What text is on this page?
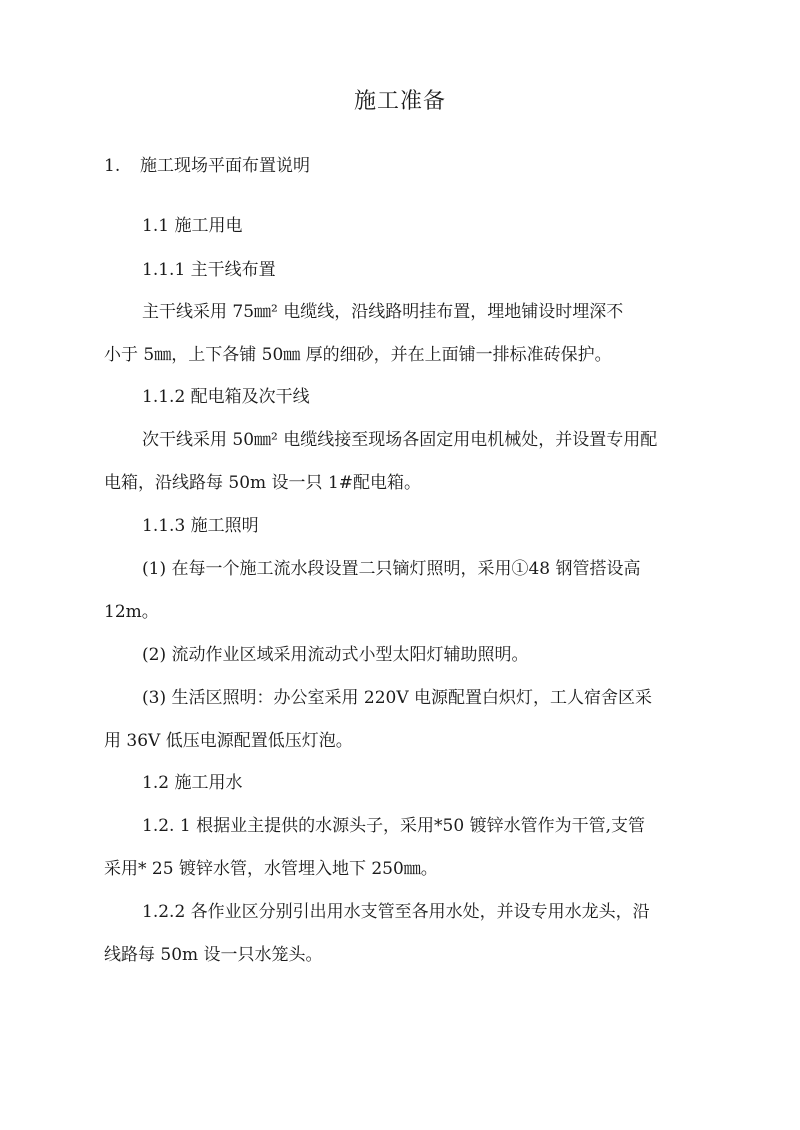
施工准备
1. 施工现场平面布置说明
1.1 施工用电
1.1.1 主干线布置
主干线采用 75㎜² 电缆线，沿线路明挂布置，埋地铺设时埋深不
小于 5㎜，上下各铺 50㎜ 厚的细砂，并在上面铺一排标准砖保护。
1.1.2 配电箱及次干线
次干线采用 50㎜² 电缆线接至现场各固定用电机械处，并设置专用配
电箱，沿线路每 50m 设一只 1#配电箱。
1.1.3 施工照明
(1) 在每一个施工流水段设置二只镝灯照明，采用①48 钢管搭设高
12m。
(2) 流动作业区域采用流动式小型太阳灯辅助照明。
(3) 生活区照明：办公室采用 220V 电源配置白炽灯，工人宿舍区采
用 36V 低压电源配置低压灯泡。
1.2 施工用水
1.2. 1 根据业主提供的水源头子，采用*50 镀锌水管作为干管,支管
采用* 25 镀锌水管，水管埋入地下 250㎜。
1.2.2 各作业区分别引出用水支管至各用水处，并设专用水龙头，沿
线路每 50m 设一只水笼头。
